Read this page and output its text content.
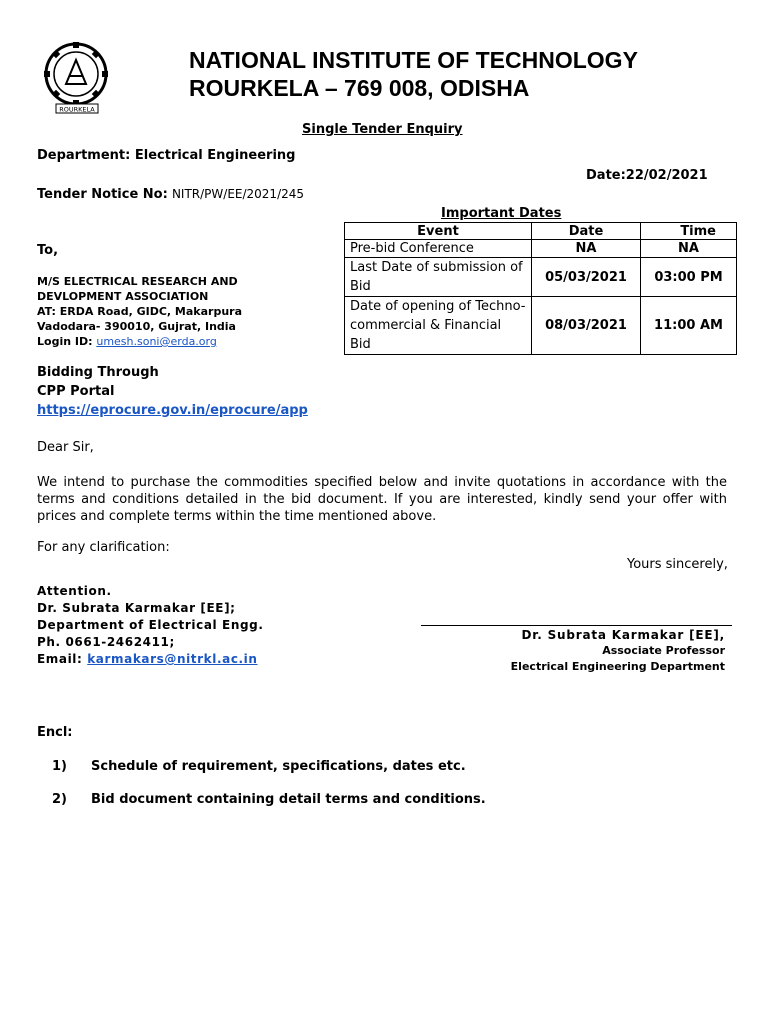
ROURKELA
NATIONAL INSTITUTE OF TECHNOLOGY
ROURKELA – 769 008, ODISHA
Single Tender Enquiry
Department: Electrical Engineering
Date:22/02/2021
Tender Notice No: NITR/PW/EE/2021/245
Important Dates
Event	Date	Time
Pre-bid Conference	NA	NA
Last Date of submission of Bid	05/03/2021	03:00 PM
Date of opening of Techno-commercial & Financial Bid	08/03/2021	11:00 AM
To,
M/S ELECTRICAL RESEARCH AND
DEVLOPMENT ASSOCIATION
AT: ERDA Road, GIDC, Makarpura
Vadodara- 390010, Gujrat, India
Login ID: umesh.soni@erda.org
Bidding Through
CPP Portal
https://eprocure.gov.in/eprocure/app
Dear Sir,
We intend to purchase the commodities specified below and invite quotations in accordance with the terms and conditions detailed in the bid document. If you are interested, kindly send your offer with prices and complete terms within the time mentioned above.
For any clarification:
Yours sincerely,
Attention.
Dr. Subrata Karmakar [EE];
Department of Electrical Engg.
Ph. 0661-2462411;
Email: karmakars@nitrkl.ac.in
Dr. Subrata Karmakar [EE],
Associate Professor
Electrical Engineering Department
Encl:
1) Schedule of requirement, specifications, dates etc.
2) Bid document containing detail terms and conditions.
